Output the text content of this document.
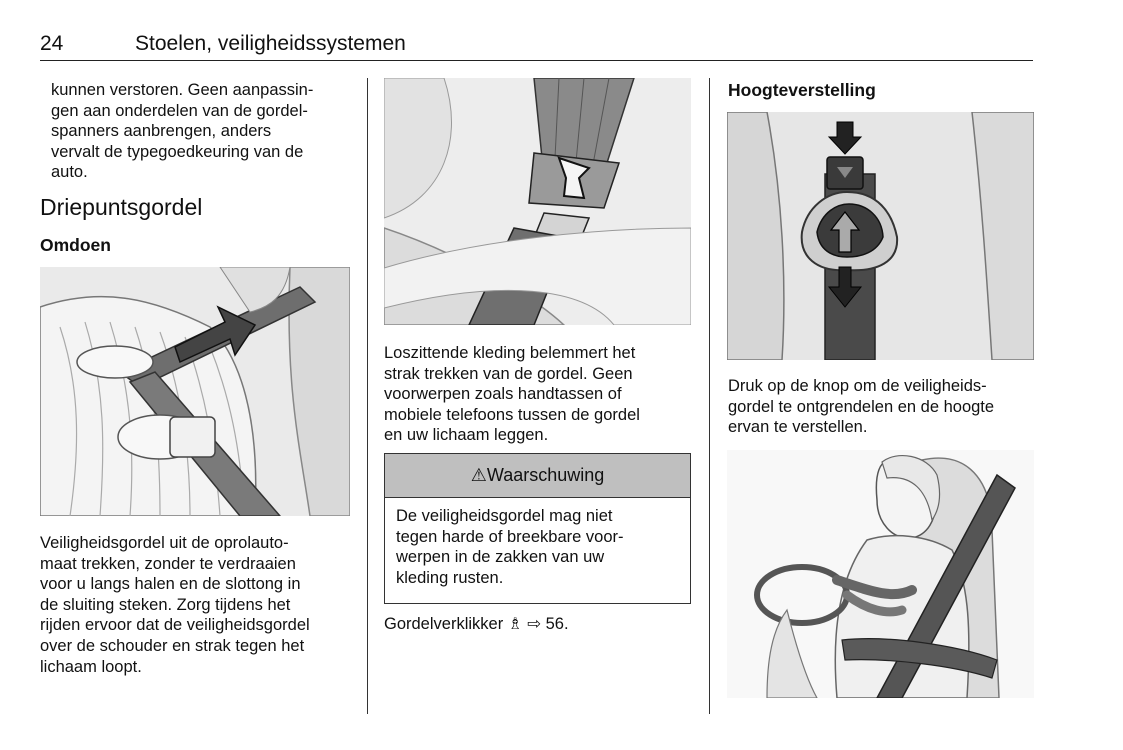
24	Stoelen, veiligheidssystemen

kunnen verstoren. Geen aanpassin-
gen aan onderdelen van de gordel-
spanners aanbrengen, anders
vervalt de typegoedkeuring van de
auto.

Driepuntsgordel
Omdoen

Veiligheidsgordel uit de oprolauto-
maat trekken, zonder te verdraaien
voor u langs halen en de slottong in
de sluiting steken. Zorg tijdens het
rijden ervoor dat de veiligheidsgordel
over de schouder en strak tegen het
lichaam loopt.

Loszittende kleding belemmert het
strak trekken van de gordel. Geen
voorwerpen zoals handtassen of
mobiele telefoons tussen de gordel
en uw lichaam leggen.

⚠Waarschuwing

De veiligheidsgordel mag niet
tegen harde of breekbare voor-
werpen in de zakken van uw
kleding rusten.

Gordelverklikker ♗ ⇨ 56.

Hoogteverstelling

Druk op de knop om de veiligheids-
gordel te ontgrendelen en de hoogte
ervan te verstellen.
